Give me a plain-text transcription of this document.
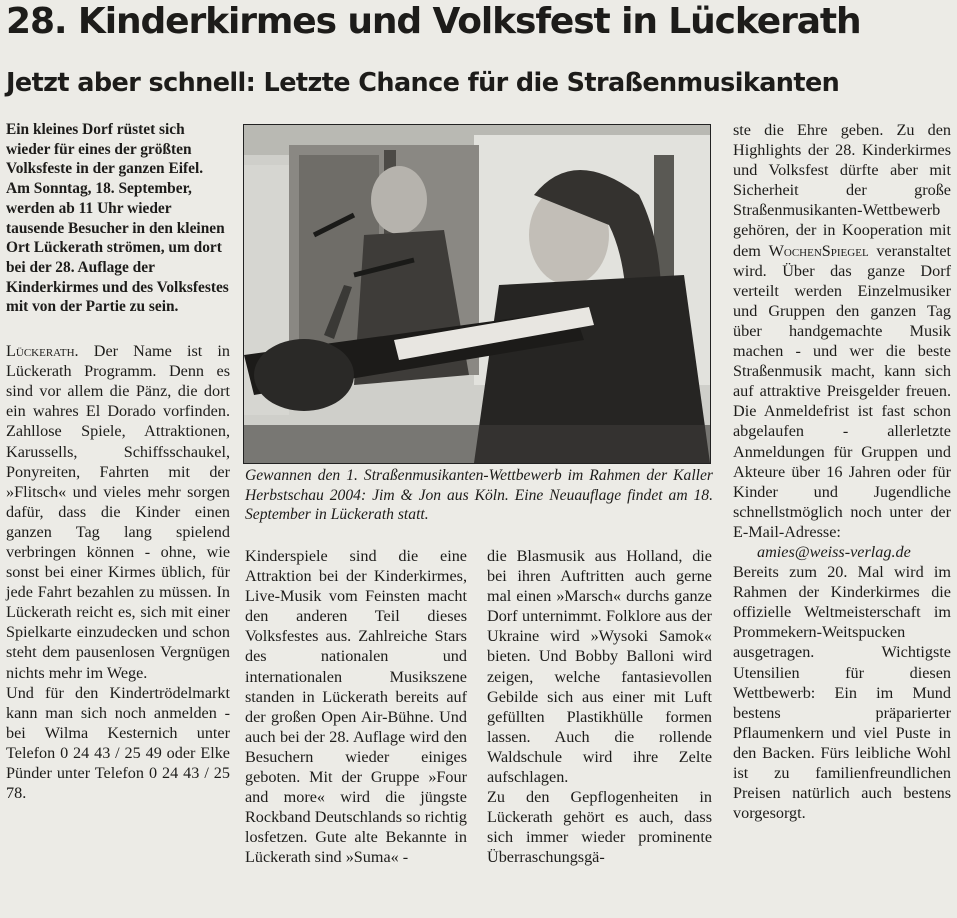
28. Kinderkirmes und Volksfest in Lückerath
Jetzt aber schnell: Letzte Chance für die Straßenmusikanten

Ein kleines Dorf rüstet sich wieder für eines der größten Volksfeste in der ganzen Eifel. Am Sonntag, 18. September, werden ab 11 Uhr wieder tausende Besucher in den kleinen Ort Lückerath strömen, um dort bei der 28. Auflage der Kinderkirmes und des Volksfestes mit von der Partie zu sein.

Lückerath. Der Name ist in Lückerath Programm. Denn es sind vor allem die Pänz, die dort ein wahres El Dorado vorfinden. Zahllose Spiele, Attraktionen, Karussells, Schiffsschaukel, Ponyreiten, Fahrten mit der »Flitsch« und vieles mehr sorgen dafür, dass die Kinder einen ganzen Tag lang spielend verbringen können - ohne, wie sonst bei einer Kirmes üblich, für jede Fahrt bezahlen zu müssen. In Lückerath reicht es, sich mit einer Spielkarte einzudecken und schon steht dem pausenlosen Vergnügen nichts mehr im Wege.

Und für den Kindertrödelmarkt kann man sich noch anmelden - bei Wilma Kesternich unter Telefon 0 24 43 / 25 49 oder Elke Pünder unter Telefon 0 24 43 / 25 78.

Gewannen den 1. Straßenmusikanten-Wettbewerb im Rahmen der Kaller Herbstschau 2004: Jim & Jon aus Köln. Eine Neuauflage findet am 18. September in Lückerath statt.

Kinderspiele sind die eine Attraktion bei der Kinderkirmes, Live-Musik vom Feinsten macht den anderen Teil dieses Volksfestes aus. Zahlreiche Stars des nationalen und internationalen Musikszene standen in Lückerath bereits auf der großen Open Air-Bühne. Und auch bei der 28. Auflage wird den Besuchern wieder einiges geboten. Mit der Gruppe »Four and more« wird die jüngste Rockband Deutschlands so richtig losfetzen. Gute alte Bekannte in Lückerath sind »Suma« -

die Blasmusik aus Holland, die bei ihren Auftritten auch gerne mal einen »Marsch« durchs ganze Dorf unternimmt. Folklore aus der Ukraine wird »Wysoki Samok« bieten. Und Bobby Balloni wird zeigen, welche fantasievollen Gebilde sich aus einer mit Luft gefüllten Plastikhülle formen lassen. Auch die rollende Waldschule wird ihre Zelte aufschlagen.

Zu den Gepflogenheiten in Lückerath gehört es auch, dass sich immer wieder prominente Überraschungsgä-

ste die Ehre geben. Zu den Highlights der 28. Kinderkirmes und Volksfest dürfte aber mit Sicherheit der große Straßenmusikanten-Wettbewerb gehören, der in Kooperation mit dem WochenSpiegel veranstaltet wird. Über das ganze Dorf verteilt werden Einzelmusiker und Gruppen den ganzen Tag über handgemachte Musik machen - und wer die beste Straßenmusik macht, kann sich auf attraktive Preisgelder freuen. Die Anmeldefrist ist fast schon abgelaufen - allerletzte Anmeldungen für Gruppen und Akteure über 16 Jahren oder für Kinder und Jugendliche schnellstmöglich noch unter der E-Mail-Adresse:

amies@weiss-verlag.de

Bereits zum 20. Mal wird im Rahmen der Kinderkirmes die offizielle Weltmeisterschaft im Prommekern-Weitspucken ausgetragen. Wichtigste Utensilien für diesen Wettbewerb: Ein im Mund bestens präparierter Pflaumenkern und viel Puste in den Backen. Fürs leibliche Wohl ist zu familienfreundlichen Preisen natürlich auch bestens vorgesorgt.
